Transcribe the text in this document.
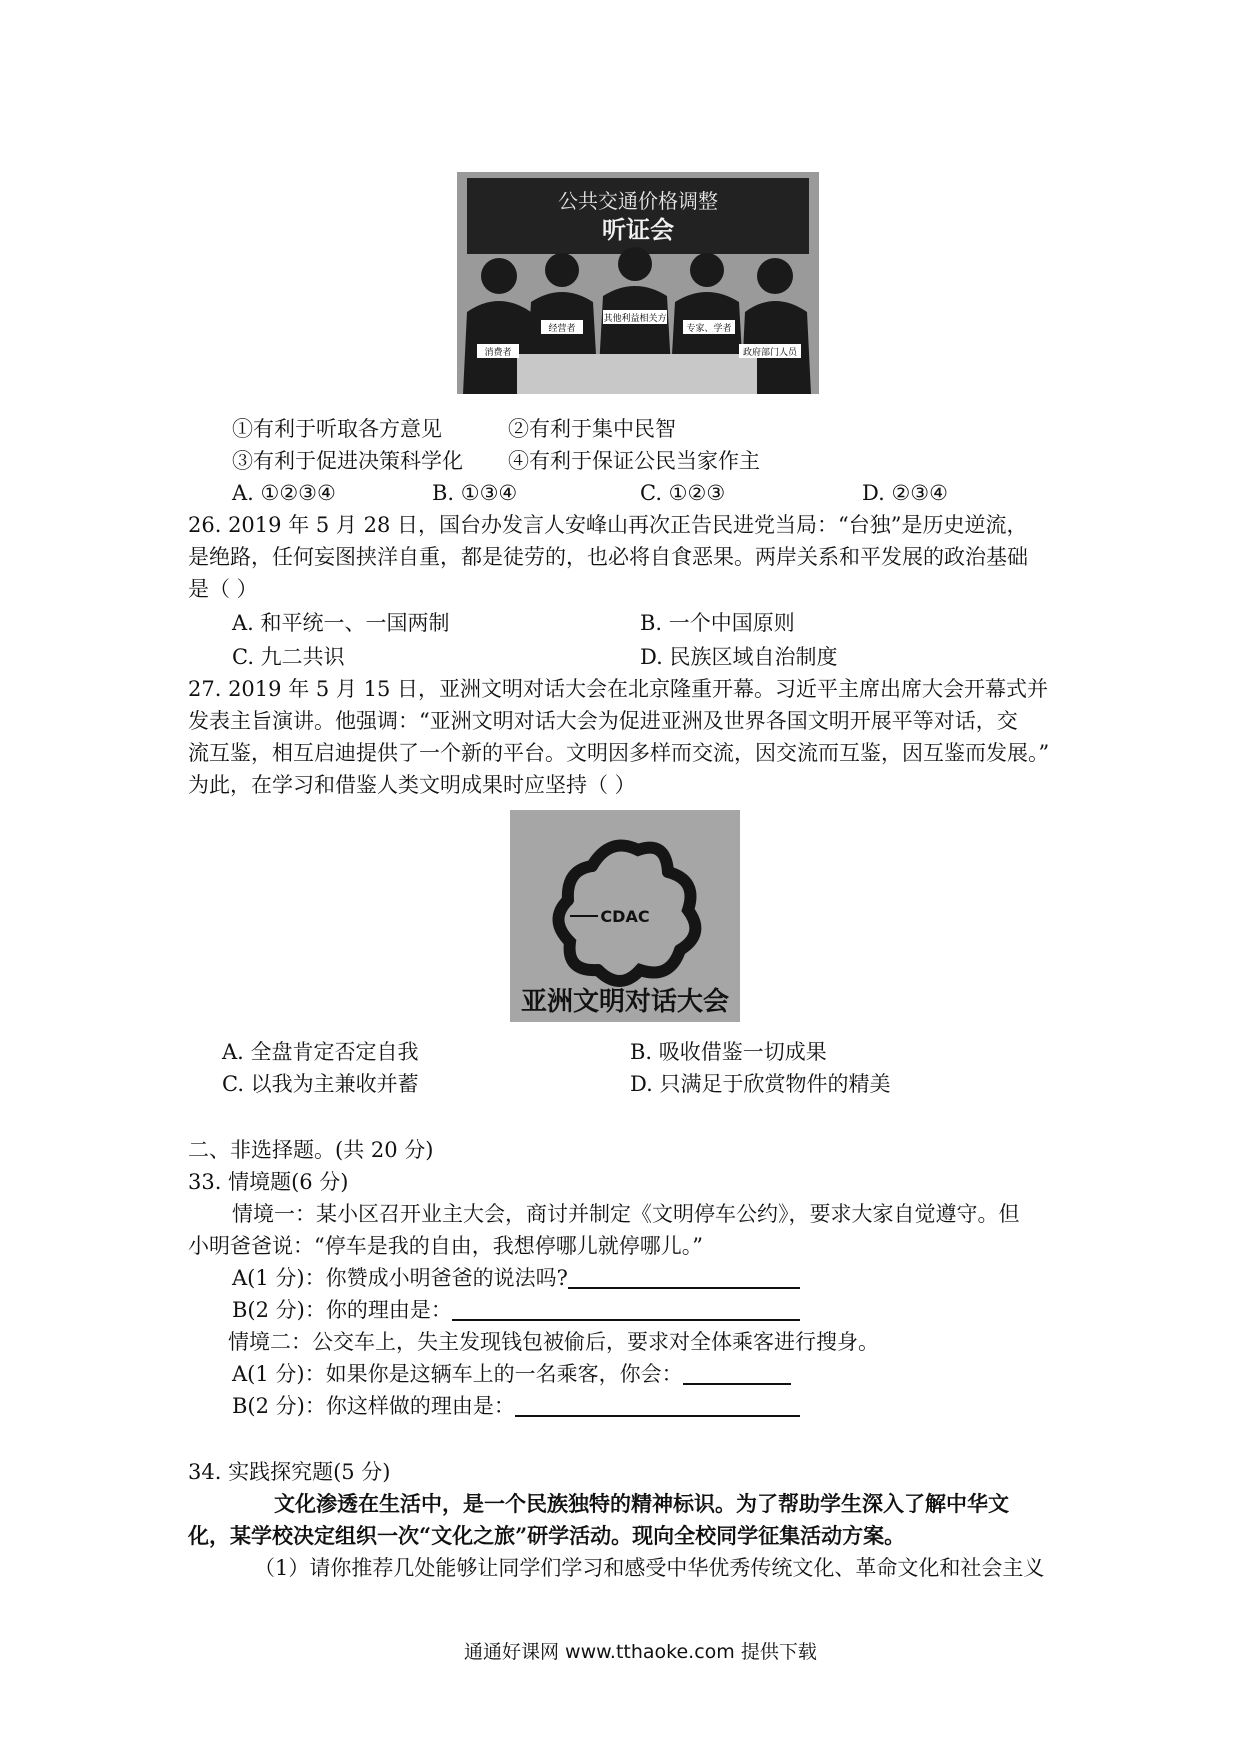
公共交通价格调整
听证会
消费者
经营者
其他利益相关方
专家、学者
政府部门人员
①有利于听取各方意见	②有利于集中民智
③有利于促进决策科学化 ④有利于保证公民当家作主
A. ①②③④	B. ①③④	C. ①②③	D. ②③④
26. 2019 年 5 月 28 日，国台办发言人安峰山再次正告民进党当局：“台独”是历史逆流，
是绝路，任何妄图挟洋自重，都是徒劳的，也必将自食恶果。两岸关系和平发展的政治基础
是（ ）
A. 和平统一、一国两制	B. 一个中国原则
C. 九二共识	D. 民族区域自治制度
27. 2019 年 5 月 15 日，亚洲文明对话大会在北京隆重开幕。习近平主席出席大会开幕式并
发表主旨演讲。他强调：“亚洲文明对话大会为促进亚洲及世界各国文明开展平等对话，交
流互鉴，相互启迪提供了一个新的平台。文明因多样而交流，因交流而互鉴，因互鉴而发展。”
为此，在学习和借鉴人类文明成果时应坚持（ ）
CDAC
亚洲文明对话大会
A. 全盘肯定否定自我	B. 吸收借鉴一切成果
C. 以我为主兼收并蓄	D. 只满足于欣赏物件的精美
二、非选择题。(共 20 分)
33. 情境题(6 分)
情境一：某小区召开业主大会，商讨并制定《文明停车公约》，要求大家自觉遵守。但
小明爸爸说：“停车是我的自由，我想停哪儿就停哪儿。”
A(1 分)：你赞成小明爸爸的说法吗?
B(2 分)：你的理由是：
情境二：公交车上，失主发现钱包被偷后，要求对全体乘客进行搜身。
A(1 分)：如果你是这辆车上的一名乘客，你会：
B(2 分)：你这样做的理由是：
34. 实践探究题(5 分)
文化渗透在生活中，是一个民族独特的精神标识。为了帮助学生深入了解中华文
化，某学校决定组织一次“文化之旅”研学活动。现向全校同学征集活动方案。
（1）请你推荐几处能够让同学们学习和感受中华优秀传统文化、革命文化和社会主义
通通好课网 www.tthaoke.com 提供下载
